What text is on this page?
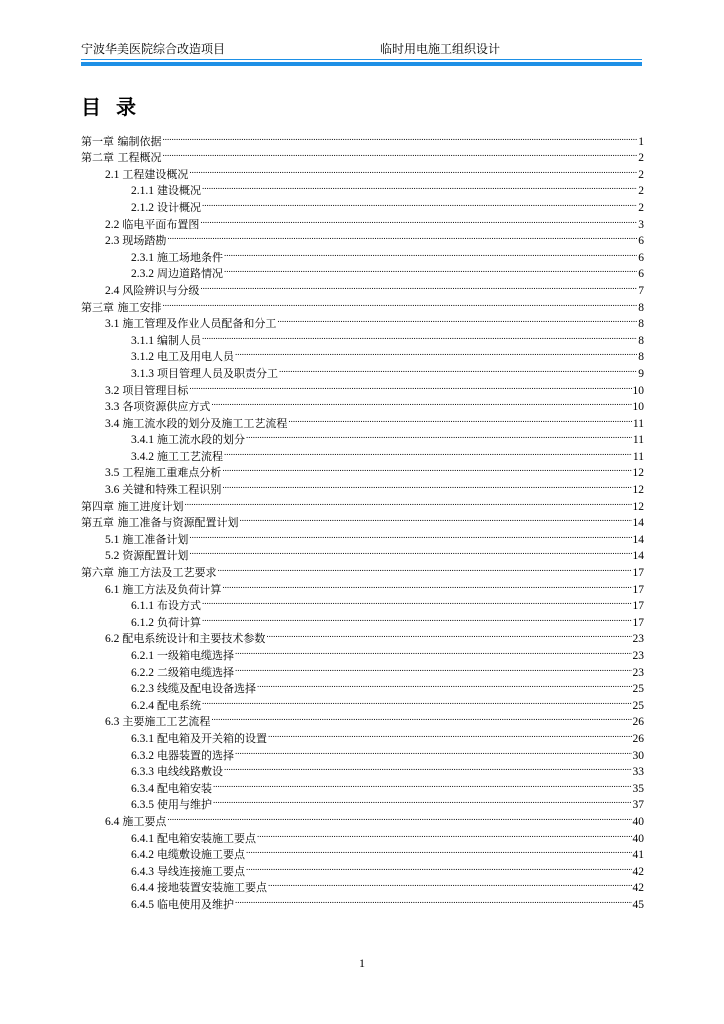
宁波华美医院综合改造项目	临时用电施工组织设计
目 录
第一章 编制依据 .....	1
第二章 工程概况 .....	2
2.1 工程建设概况 .....	2
2.1.1 建设概况 .....	2
2.1.2 设计概况 .....	2
2.2 临电平面布置图 .....	3
2.3 现场踏勘 .....	6
2.3.1 施工场地条件 .....	6
2.3.2 周边道路情况 .....	6
2.4 风险辨识与分级 .....	7
第三章 施工安排 .....	8
3.1 施工管理及作业人员配备和分工 .....	8
3.1.1 编制人员 .....	8
3.1.2 电工及用电人员 .....	8
3.1.3 项目管理人员及职责分工 .....	9
3.2 项目管理目标 .....	10
3.3 各项资源供应方式 .....	10
3.4 施工流水段的划分及施工工艺流程 .....	11
3.4.1 施工流水段的划分 .....	11
3.4.2 施工工艺流程 .....	11
3.5 工程施工重难点分析 .....	12
3.6 关键和特殊工程识别 .....	12
第四章 施工进度计划 .....	12
第五章 施工准备与资源配置计划 .....	14
5.1 施工准备计划 .....	14
5.2 资源配置计划 .....	14
第六章 施工方法及工艺要求 .....	17
6.1 施工方法及负荷计算 .....	17
6.1.1 布设方式 .....	17
6.1.2 负荷计算 .....	17
6.2 配电系统设计和主要技术参数 .....	23
6.2.1 一级箱电缆选择 .....	23
6.2.2 二级箱电缆选择 .....	23
6.2.3 线缆及配电设备选择 .....	25
6.2.4 配电系统 .....	25
6.3 主要施工工艺流程 .....	26
6.3.1 配电箱及开关箱的设置 .....	26
6.3.2 电器装置的选择 .....	30
6.3.3 电线线路敷设 .....	33
6.3.4 配电箱安装 .....	35
6.3.5 使用与维护 .....	37
6.4 施工要点 .....	40
6.4.1 配电箱安装施工要点 .....	40
6.4.2 电缆敷设施工要点 .....	41
6.4.3 导线连接施工要点 .....	42
6.4.4 接地装置安装施工要点 .....	42
6.4.5 临电使用及维护 .....	45
1
